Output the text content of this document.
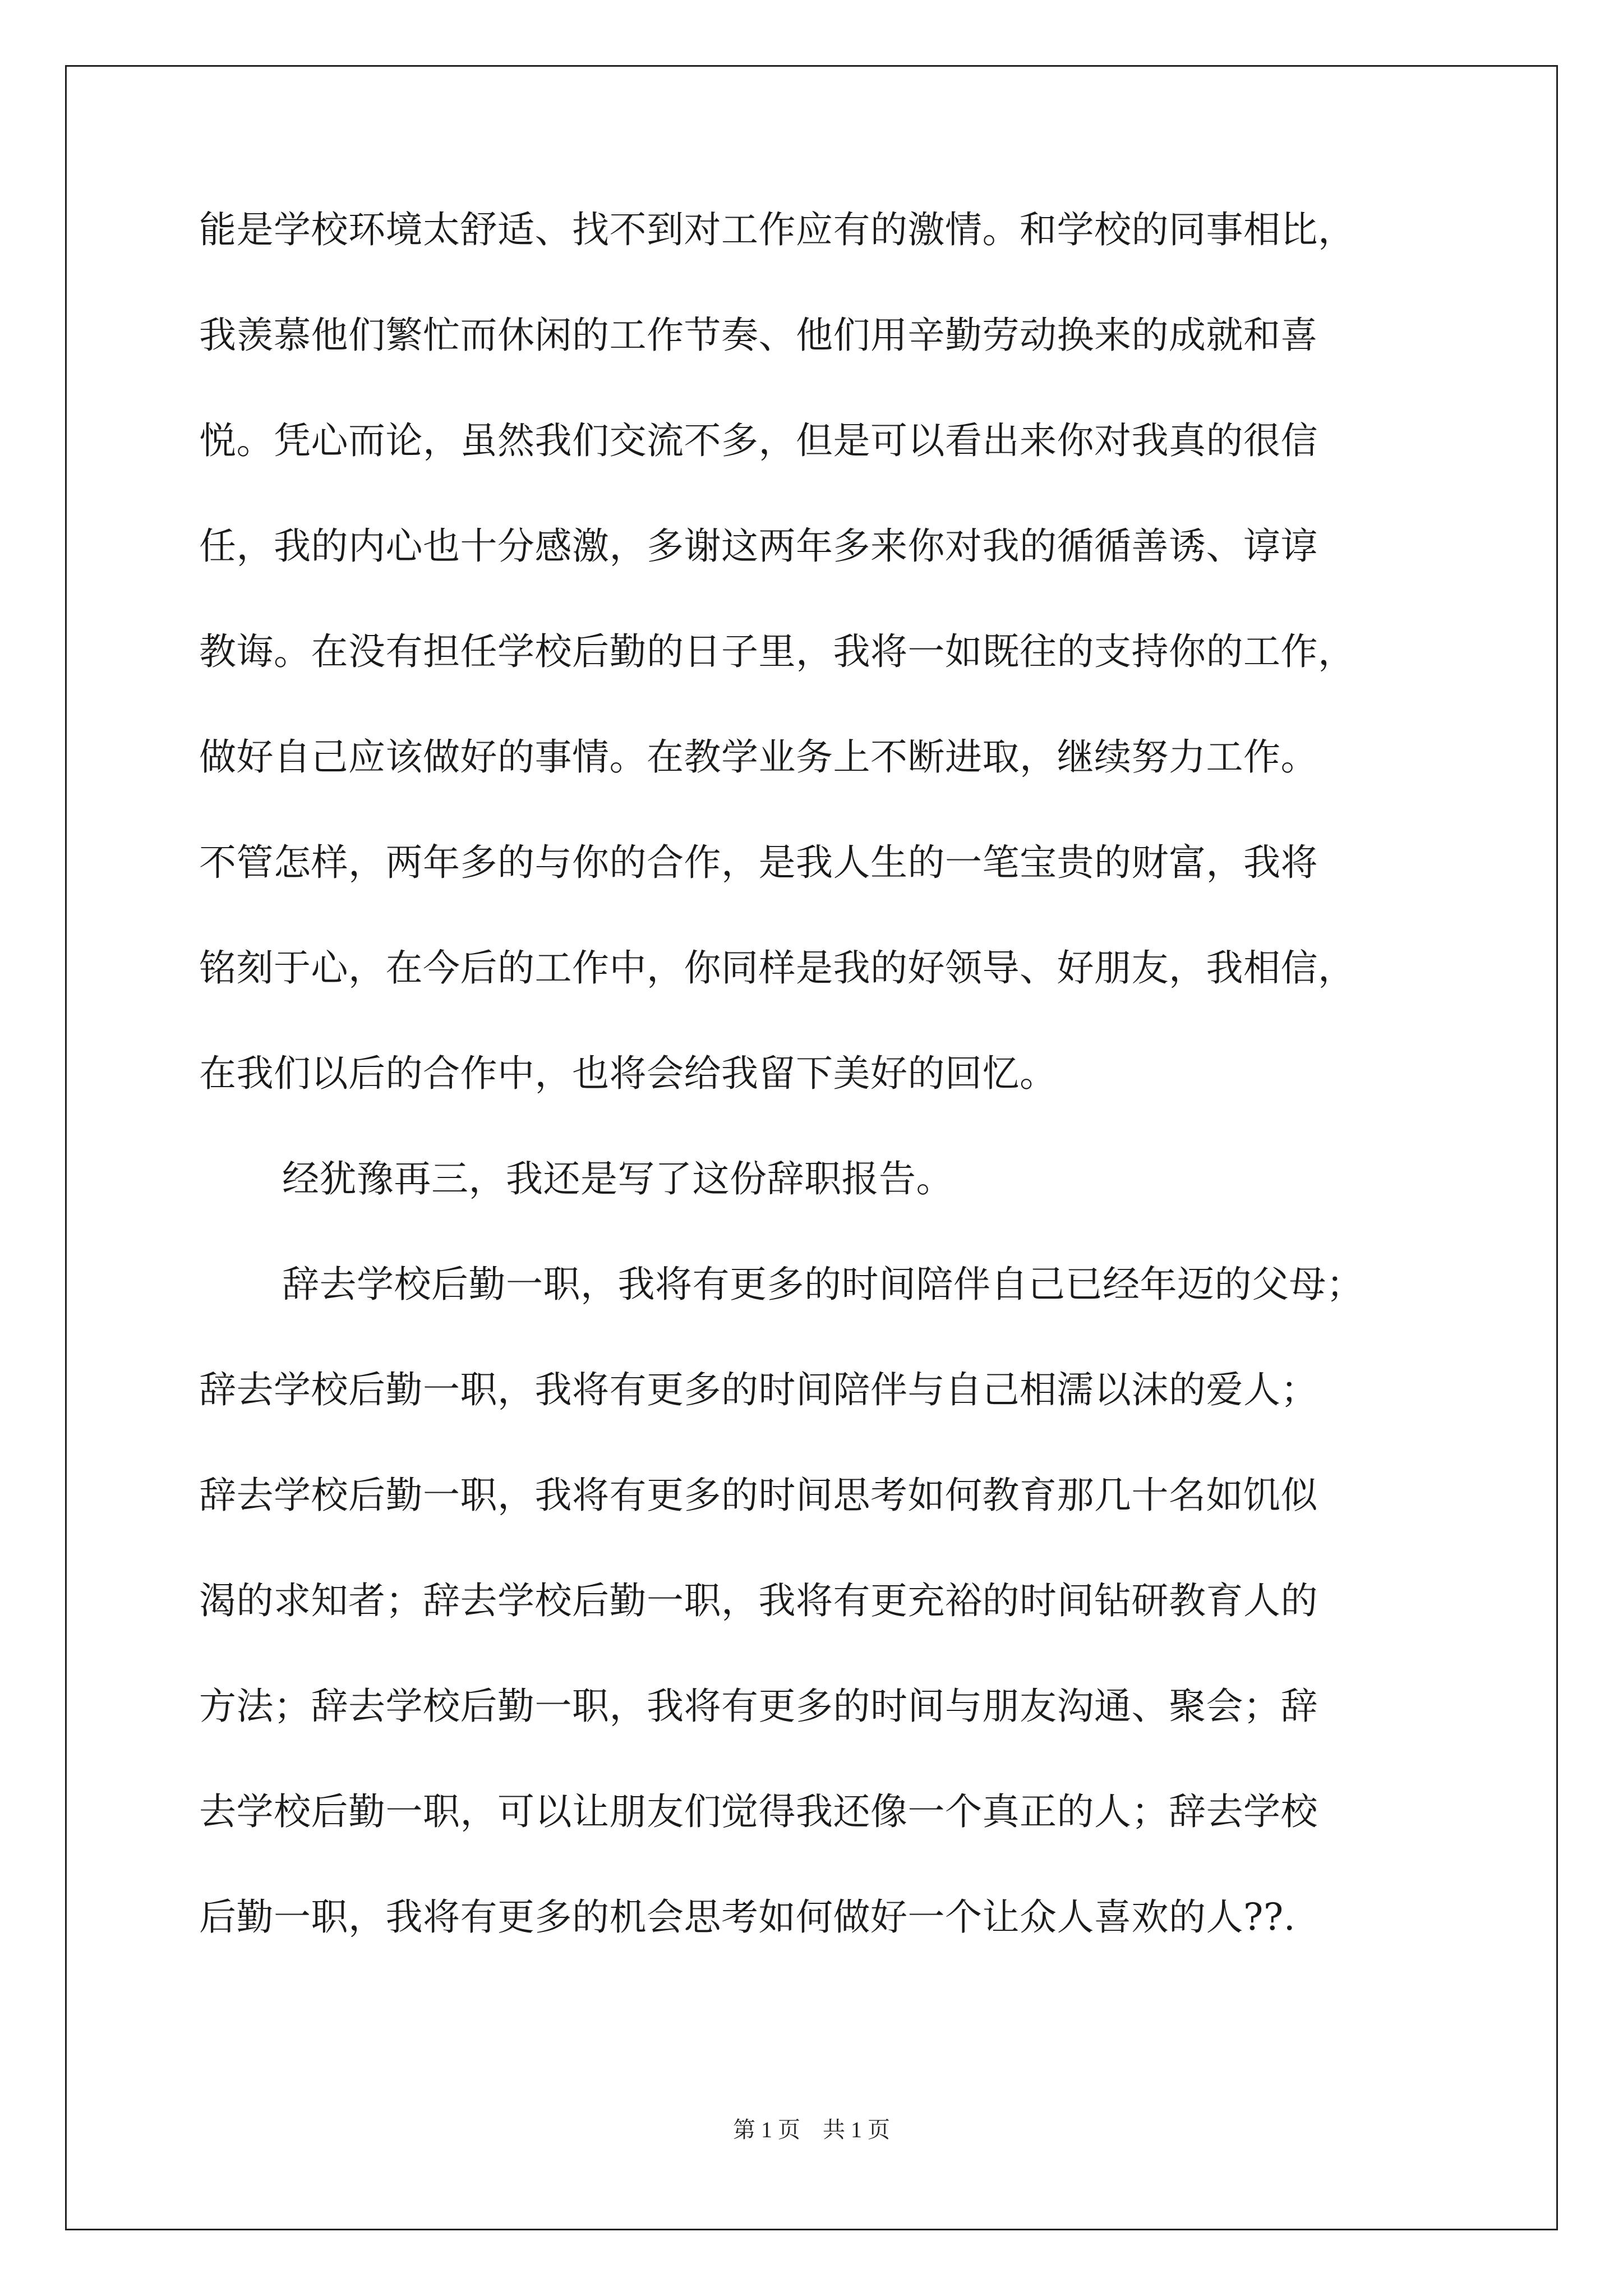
能是学校环境太舒适、找不到对工作应有的激情。和学校的同事相比，
我羡慕他们繁忙而休闲的工作节奏、他们用辛勤劳动换来的成就和喜
悦。凭心而论，虽然我们交流不多，但是可以看出来你对我真的很信
任，我的内心也十分感激，多谢这两年多来你对我的循循善诱、谆谆
教诲。在没有担任学校后勤的日子里，我将一如既往的支持你的工作，
做好自己应该做好的事情。在教学业务上不断进取，继续努力工作。
不管怎样，两年多的与你的合作，是我人生的一笔宝贵的财富，我将
铭刻于心，在今后的工作中，你同样是我的好领导、好朋友，我相信，
在我们以后的合作中，也将会给我留下美好的回忆。
经犹豫再三，我还是写了这份辞职报告。
辞去学校后勤一职，我将有更多的时间陪伴自己已经年迈的父母；
辞去学校后勤一职，我将有更多的时间陪伴与自己相濡以沫的爱人；
辞去学校后勤一职，我将有更多的时间思考如何教育那几十名如饥似
渴的求知者；辞去学校后勤一职，我将有更充裕的时间钻研教育人的
方法；辞去学校后勤一职，我将有更多的时间与朋友沟通、聚会；辞
去学校后勤一职，可以让朋友们觉得我还像一个真正的人；辞去学校
后勤一职，我将有更多的机会思考如何做好一个让众人喜欢的人??.
第 1 页 共 1 页
